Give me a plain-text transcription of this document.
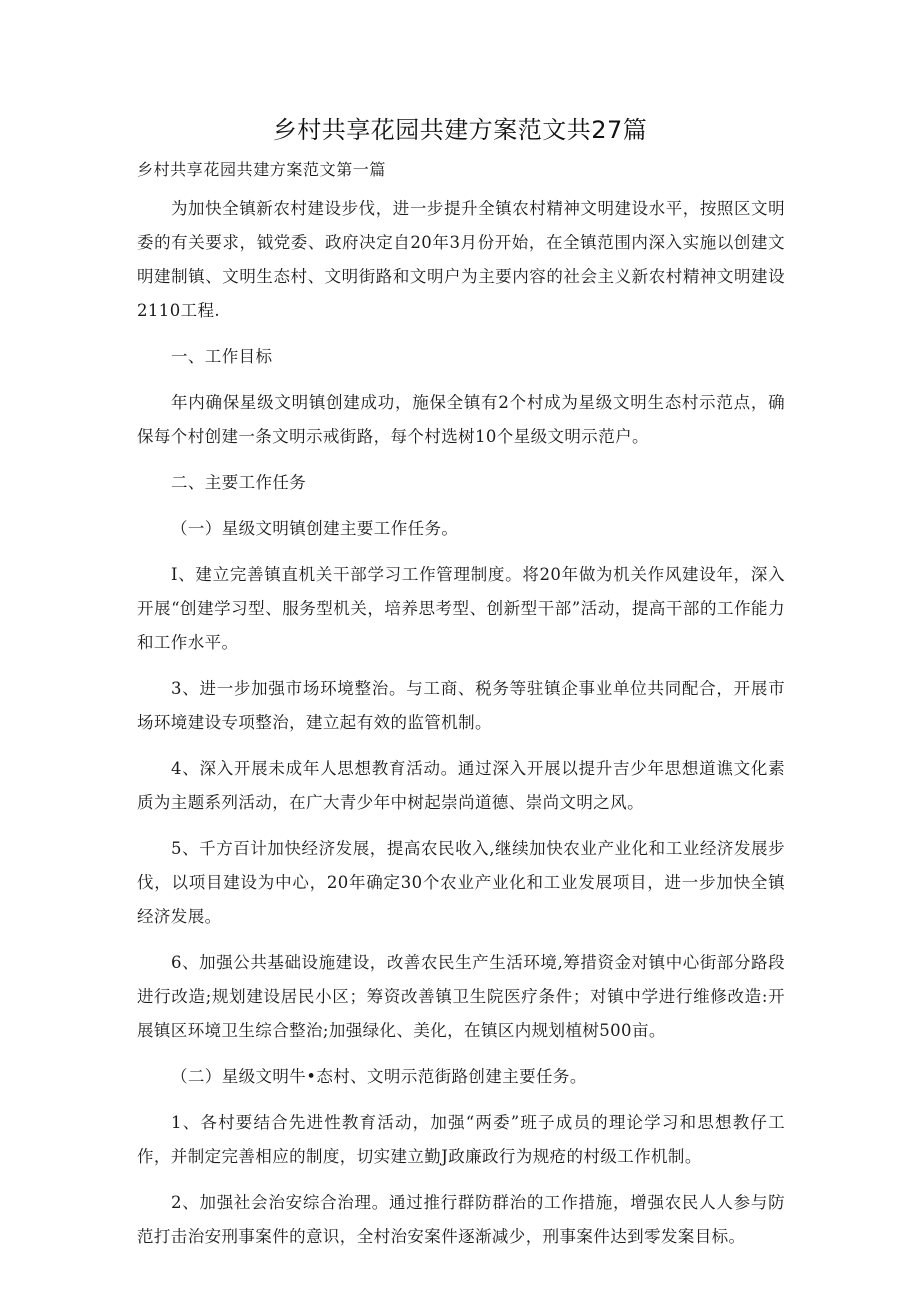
乡村共享花园共建方案范文共27篇

乡村共享花园共建方案范文第一篇

为加快全镇新农村建设步伐，进一步提升全镇农村精神文明建设水平，按照区文明委的有关要求，钺党委、政府决定自20年3月份开始，在全镇范围内深入实施以创建文明建制镇、文明生态村、文明街路和文明户为主要内容的社会主义新农村精神文明建设2110工程.

一、工作目标

年内确保星级文明镇创建成功，施保全镇有2个村成为星级文明生态村示范点，确保每个村创建一条文明示戒街路，每个村选树10个星级文明示范户。

二、主要工作任务

（一）星级文明镇创建主要工作任务。

I、建立完善镇直机关干部学习工作管理制度。将20年做为机关作风建设年，深入开展“创建学习型、服务型机关，培养思考型、创新型干部”活动，提高干部的工作能力和工作水平。

3、进一步加强市场环境整治。与工商、税务等驻镇企事业单位共同配合，开展市场环境建设专项整治，建立起有效的监管机制。

4、深入开展未成年人思想教育活动。通过深入开展以提升吉少年思想道谯文化素质为主题系列活动，在广大青少年中树起崇尚道德、崇尚文明之风。

5、千方百计加快经济发展，提高农民收入,继续加快农业产业化和工业经济发展步伐，以项目建设为中心，20年确定30个农业产业化和工业发展项目，进一步加快全镇经济发展。

6、加强公共基础设施建设，改善农民生产生活环境,筹措资金对镇中心街部分路段进行改造;规划建设居民小区；筹资改善镇卫生院医疗条件；对镇中学进行维修改造:开展镇区环境卫生综合整治;加强绿化、美化，在镇区内规划植树500亩。

（二）星级文明牛•态村、文明示范街路创建主要任务。

1、各村要结合先进性教育活动，加强“两委”班子成员的理论学习和思想教仔工作，并制定完善相应的制度，切实建立勤J政廉政行为规疮的村级工作机制。

2、加强社会治安综合治理。通过推行群防群治的工作措施，增强农民人人参与防范打击治安刑事案件的意识，全村治安案件逐渐减少，刑事案件达到零发案目标。
